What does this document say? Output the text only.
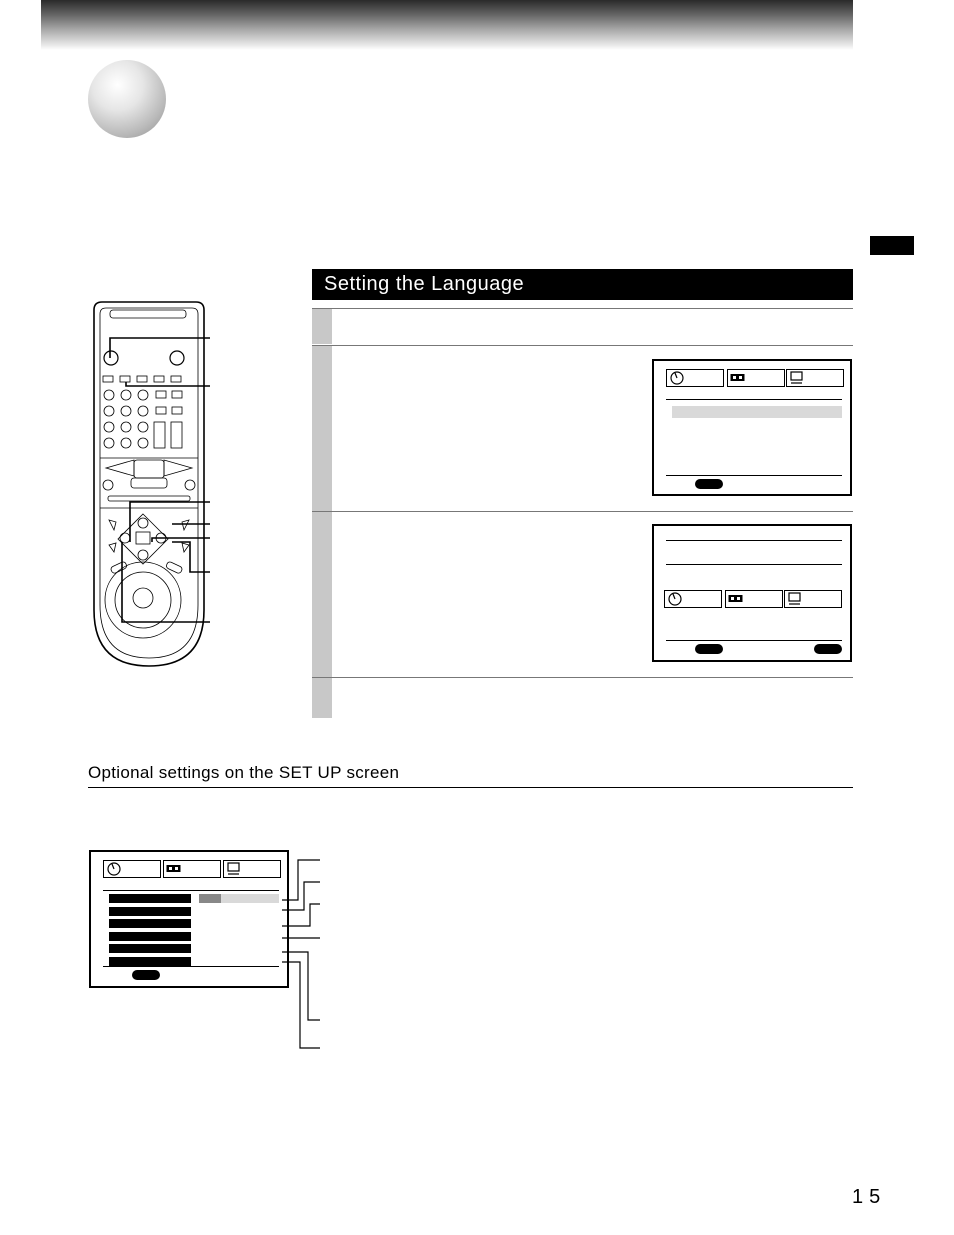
Setting the Language
Optional settings on the SET UP screen
15
